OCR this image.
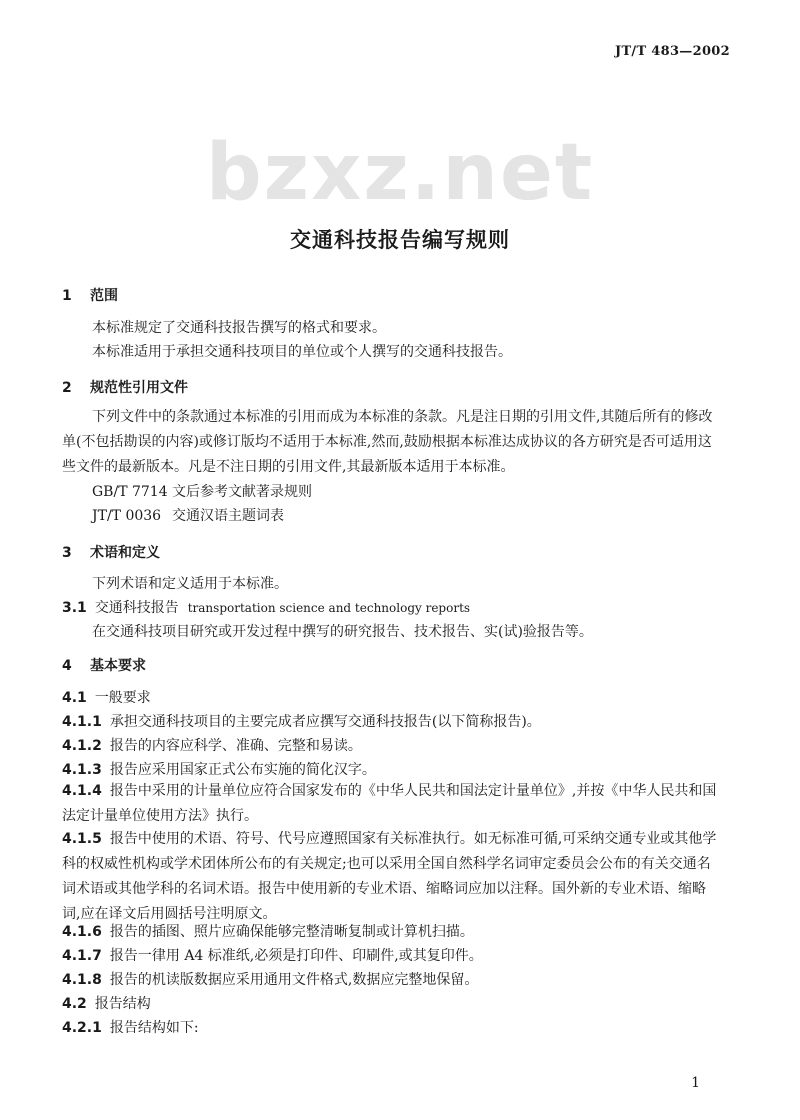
JT/T 483—2002
bzxz.net
交通科技报告编写规则
1 范围
本标准规定了交通科技报告撰写的格式和要求。
本标准适用于承担交通科技项目的单位或个人撰写的交通科技报告。
2 规范性引用文件
下列文件中的条款通过本标准的引用而成为本标准的条款。凡是注日期的引用文件,其随后所有的修改单(不包括勘误的内容)或修订版均不适用于本标准,然而,鼓励根据本标准达成协议的各方研究是否可适用这些文件的最新版本。凡是不注日期的引用文件,其最新版本适用于本标准。
GB/T 7714 文后参考文献著录规则
JT/T 0036 交通汉语主题词表
3 术语和定义
下列术语和定义适用于本标准。
3.1 交通科技报告 transportation science and technology reports
在交通科技项目研究或开发过程中撰写的研究报告、技术报告、实(试)验报告等。
4 基本要求
4.1 一般要求
4.1.1 承担交通科技项目的主要完成者应撰写交通科技报告(以下简称报告)。
4.1.2 报告的内容应科学、准确、完整和易读。
4.1.3 报告应采用国家正式公布实施的简化汉字。
4.1.4 报告中采用的计量单位应符合国家发布的《中华人民共和国法定计量单位》,并按《中华人民共和国法定计量单位使用方法》执行。
4.1.5 报告中使用的术语、符号、代号应遵照国家有关标准执行。如无标准可循,可采纳交通专业或其他学科的权威性机构或学术团体所公布的有关规定;也可以采用全国自然科学名词审定委员会公布的有关交通名词术语或其他学科的名词术语。报告中使用新的专业术语、缩略词应加以注释。国外新的专业术语、缩略词,应在译文后用圆括号注明原文。
4.1.6 报告的插图、照片应确保能够完整清晰复制或计算机扫描。
4.1.7 报告一律用 A4 标准纸,必须是打印件、印刷件,或其复印件。
4.1.8 报告的机读版数据应采用通用文件格式,数据应完整地保留。
4.2 报告结构
4.2.1 报告结构如下:
1
